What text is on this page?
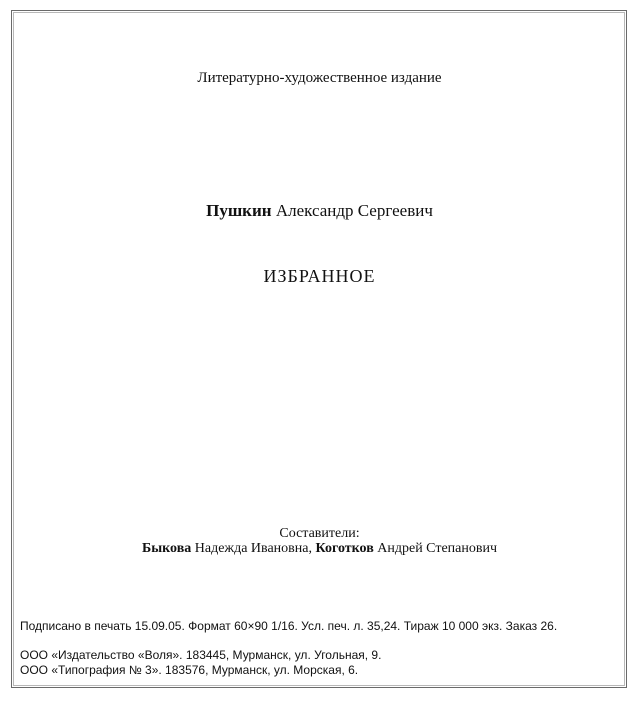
Литературно-художественное издание
Пушкин Александр Сергеевич
ИЗБРАННОЕ
Составители:
Быкова Надежда Ивановна, Коготков Андрей Степанович
Подписано в печать 15.09.05. Формат 60×90 1/16. Усл. печ. л. 35,24. Тираж 10 000 экз. Заказ 26.
ООО «Издательство «Воля». 183445, Мурманск, ул. Угольная, 9.
ООО «Типография № 3». 183576, Мурманск, ул. Морская, 6.
